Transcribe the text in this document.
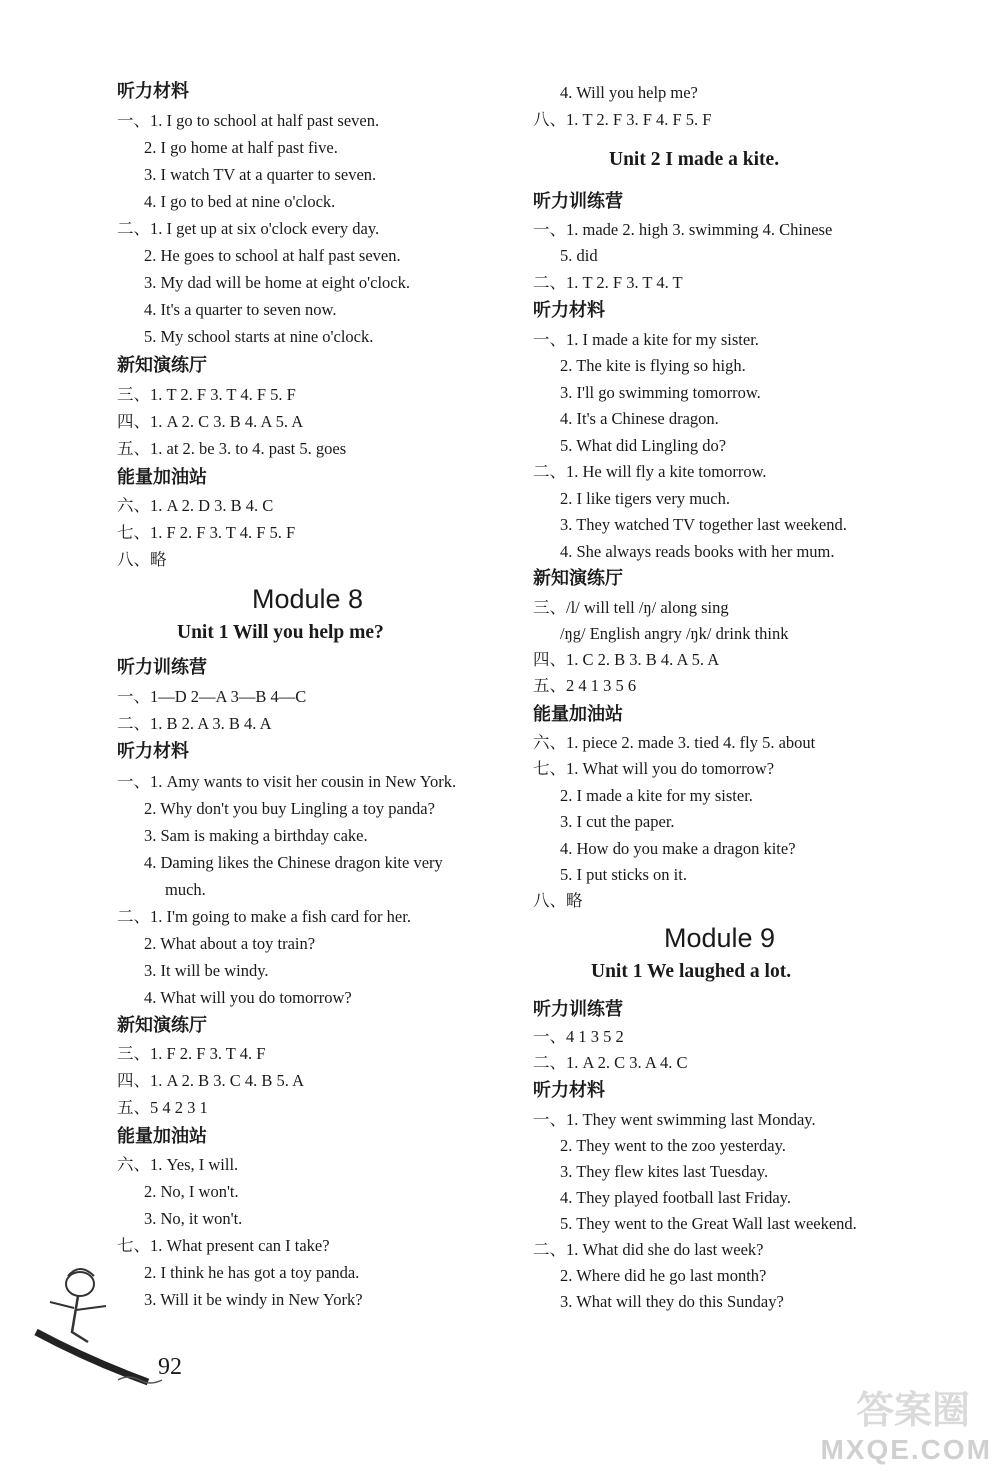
听力材料
一、1. I go to school at half past seven.
2. I go home at half past five.
3. I watch TV at a quarter to seven.
4. I go to bed at nine o'clock.
二、1. I get up at six o'clock every day.
2. He goes to school at half past seven.
3. My dad will be home at eight o'clock.
4. It's a quarter to seven now.
5. My school starts at nine o'clock.
新知演练厅
三、1. T 2. F 3. T 4. F 5. F
四、1. A 2. C 3. B 4. A 5. A
五、1. at 2. be 3. to 4. past 5. goes
能量加油站
六、1. A 2. D 3. B 4. C
七、1. F 2. F 3. T 4. F 5. F
八、略
Module 8
Unit 1 Will you help me?
听力训练营
一、1—D 2—A 3—B 4—C
二、1. B 2. A 3. B 4. A
听力材料
一、1. Amy wants to visit her cousin in New York.
2. Why don't you buy Lingling a toy panda?
3. Sam is making a birthday cake.
4. Daming likes the Chinese dragon kite very
much.
二、1. I'm going to make a fish card for her.
2. What about a toy train?
3. It will be windy.
4. What will you do tomorrow?
新知演练厅
三、1. F 2. F 3. T 4. F
四、1. A 2. B 3. C 4. B 5. A
五、5 4 2 3 1
能量加油站
六、1. Yes, I will.
2. No, I won't.
3. No, it won't.
七、1. What present can I take?
2. I think he has got a toy panda.
3. Will it be windy in New York?
92
4. Will you help me?
八、1. T 2. F 3. F 4. F 5. F
Unit 2 I made a kite.
听力训练营
一、1. made 2. high 3. swimming 4. Chinese
5. did
二、1. T 2. F 3. T 4. T
听力材料
一、1. I made a kite for my sister.
2. The kite is flying so high.
3. I'll go swimming tomorrow.
4. It's a Chinese dragon.
5. What did Lingling do?
二、1. He will fly a kite tomorrow.
2. I like tigers very much.
3. They watched TV together last weekend.
4. She always reads books with her mum.
新知演练厅
三、/l/ will tell /ŋ/ along sing
/ŋg/ English angry /ŋk/ drink think
四、1. C 2. B 3. B 4. A 5. A
五、2 4 1 3 5 6
能量加油站
六、1. piece 2. made 3. tied 4. fly 5. about
七、1. What will you do tomorrow?
2. I made a kite for my sister.
3. I cut the paper.
4. How do you make a dragon kite?
5. I put sticks on it.
八、略
Module 9
Unit 1 We laughed a lot.
听力训练营
一、4 1 3 5 2
二、1. A 2. C 3. A 4. C
听力材料
一、1. They went swimming last Monday.
2. They went to the zoo yesterday.
3. They flew kites last Tuesday.
4. They played football last Friday.
5. They went to the Great Wall last weekend.
二、1. What did she do last week?
2. Where did he go last month?
3. What will they do this Sunday?
答案圈
MXQE.COM
